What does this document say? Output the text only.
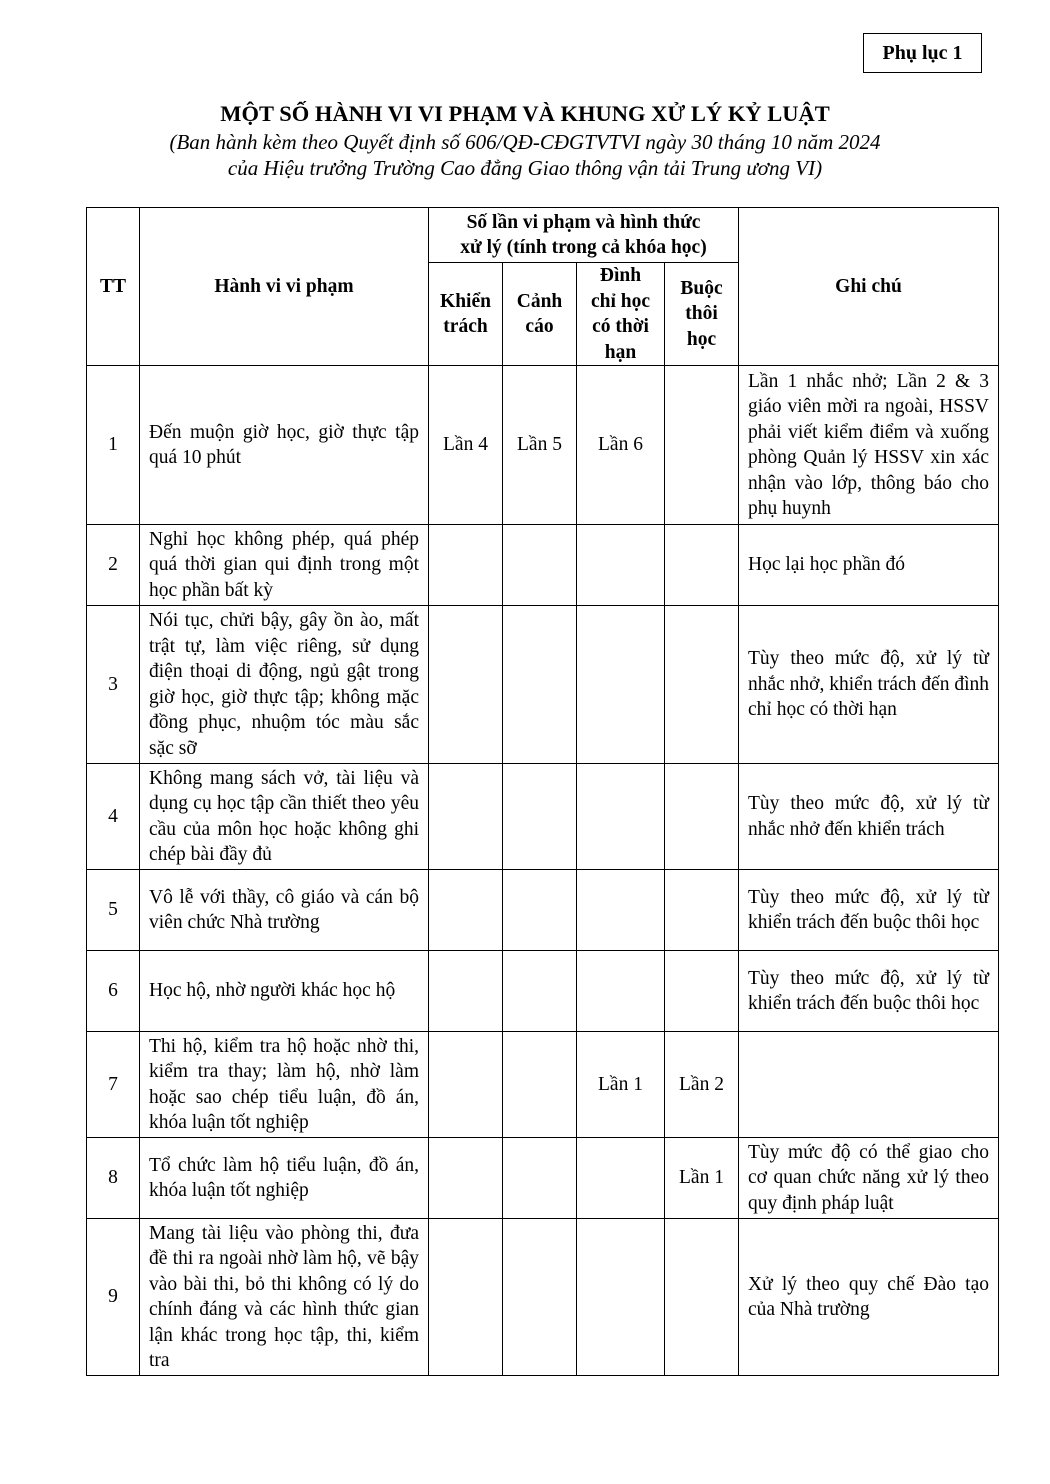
Phụ lục 1
MỘT SỐ HÀNH VI VI PHẠM VÀ KHUNG XỬ LÝ KỶ LUẬT
(Ban hành kèm theo Quyết định số 606/QĐ-CĐGTVTVI ngày 30 tháng 10 năm 2024
của Hiệu trưởng Trường Cao đẳng Giao thông vận tải Trung ương VI)
TT	Hành vi vi phạm	Số lần vi phạm và hình thức xử lý (tính trong cả khóa học)				Ghi chú
		Khiển trách	Cảnh cáo	Đình chỉ học có thời hạn	Buộc thôi học	
1	Đến muộn giờ học, giờ thực tập quá 10 phút	Lần 4	Lần 5	Lần 6		Lần 1 nhắc nhở; Lần 2 & 3 giáo viên mời ra ngoài, HSSV phải viết kiểm điểm và xuống phòng Quản lý HSSV xin xác nhận vào lớp, thông báo cho phụ huynh
2	Nghỉ học không phép, quá phép quá thời gian qui định trong một học phần bất kỳ					Học lại học phần đó
3	Nói tục, chửi bậy, gây ồn ào, mất trật tự, làm việc riêng, sử dụng điện thoại di động, ngủ gật trong giờ học, giờ thực tập; không mặc đồng phục, nhuộm tóc màu sắc sặc sỡ					Tùy theo mức độ, xử lý từ nhắc nhở, khiển trách đến đình chỉ học có thời hạn
4	Không mang sách vở, tài liệu và dụng cụ học tập cần thiết theo yêu cầu của môn học hoặc không ghi chép bài đầy đủ					Tùy theo mức độ, xử lý từ nhắc nhở đến khiển trách
5	Vô lễ với thầy, cô giáo và cán bộ viên chức Nhà trường					Tùy theo mức độ, xử lý từ khiển trách đến buộc thôi học
6	Học hộ, nhờ người khác học hộ					Tùy theo mức độ, xử lý từ khiển trách đến buộc thôi học
7	Thi hộ, kiểm tra hộ hoặc nhờ thi, kiểm tra thay; làm hộ, nhờ làm hoặc sao chép tiểu luận, đồ án, khóa luận tốt nghiệp			Lần 1	Lần 2	
8	Tổ chức làm hộ tiểu luận, đồ án, khóa luận tốt nghiệp				Lần 1	Tùy mức độ có thể giao cho cơ quan chức năng xử lý theo quy định pháp luật
9	Mang tài liệu vào phòng thi, đưa đề thi ra ngoài nhờ làm hộ, vẽ bậy vào bài thi, bỏ thi không có lý do chính đáng và các hình thức gian lận khác trong học tập, thi, kiểm tra					Xử lý theo quy chế Đào tạo của Nhà trường
